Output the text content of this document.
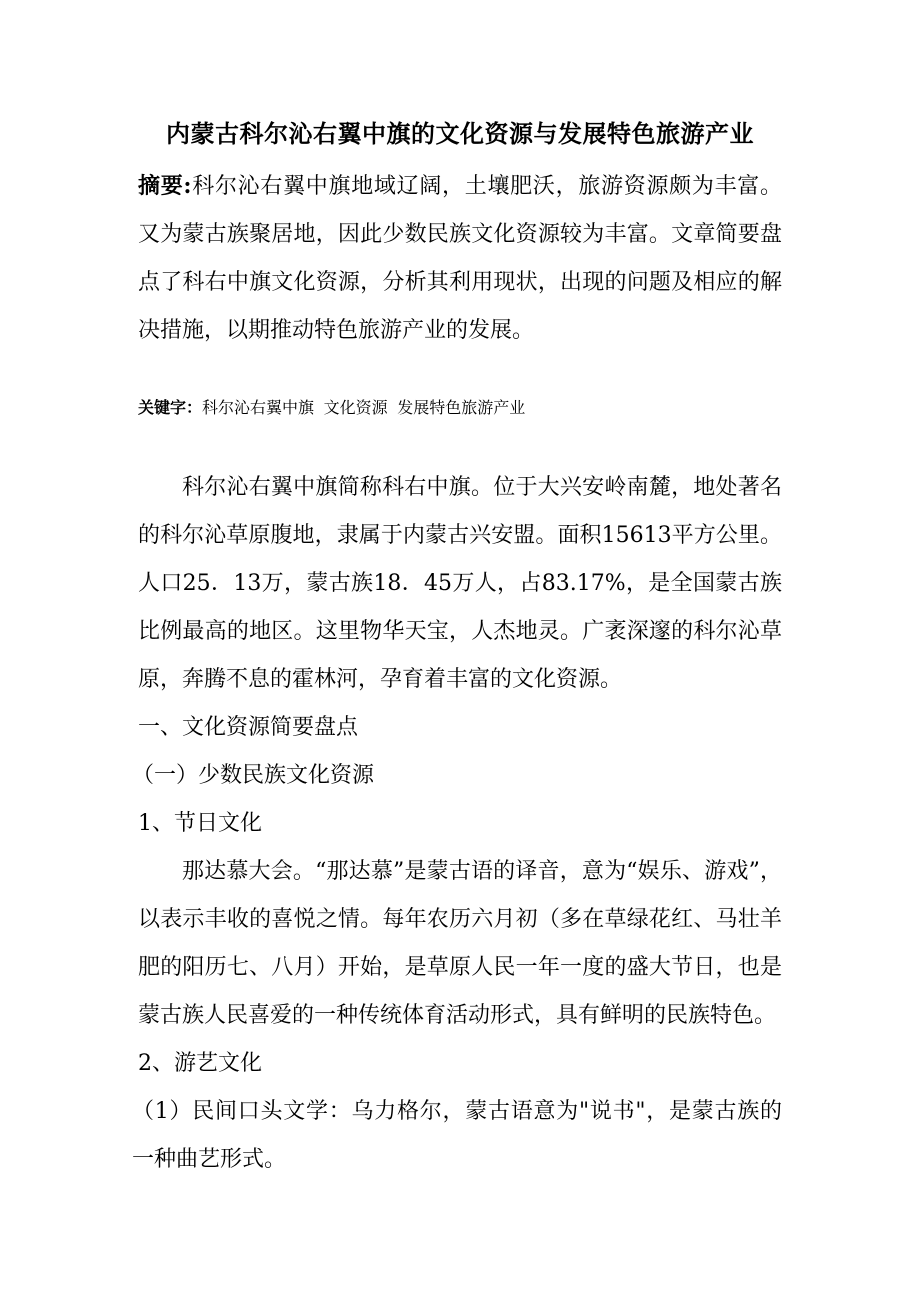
内蒙古科尔沁右翼中旗的文化资源与发展特色旅游产业
摘要:科尔沁右翼中旗地域辽阔，土壤肥沃，旅游资源颇为丰富。又为蒙古族聚居地，因此少数民族文化资源较为丰富。文章简要盘点了科右中旗文化资源，分析其利用现状，出现的问题及相应的解决措施，以期推动特色旅游产业的发展。
关键字：科尔沁右翼中旗 文化资源 发展特色旅游产业
科尔沁右翼中旗简称科右中旗。位于大兴安岭南麓，地处著名的科尔沁草原腹地，隶属于内蒙古兴安盟。面积15613平方公里。人口25．13万，蒙古族18．45万人，占83.17%，是全国蒙古族比例最高的地区。这里物华天宝，人杰地灵。广袤深邃的科尔沁草原，奔腾不息的霍林河，孕育着丰富的文化资源。
一、文化资源简要盘点
（一）少数民族文化资源
1、节日文化
那达慕大会。“那达慕”是蒙古语的译音，意为“娱乐、游戏”，以表示丰收的喜悦之情。每年农历六月初（多在草绿花红、马壮羊肥的阳历七、八月）开始，是草原人民一年一度的盛大节日，也是蒙古族人民喜爱的一种传统体育活动形式，具有鲜明的民族特色。
2、游艺文化
（1）民间口头文学：乌力格尔，蒙古语意为"说书"，是蒙古族的一种曲艺形式。
